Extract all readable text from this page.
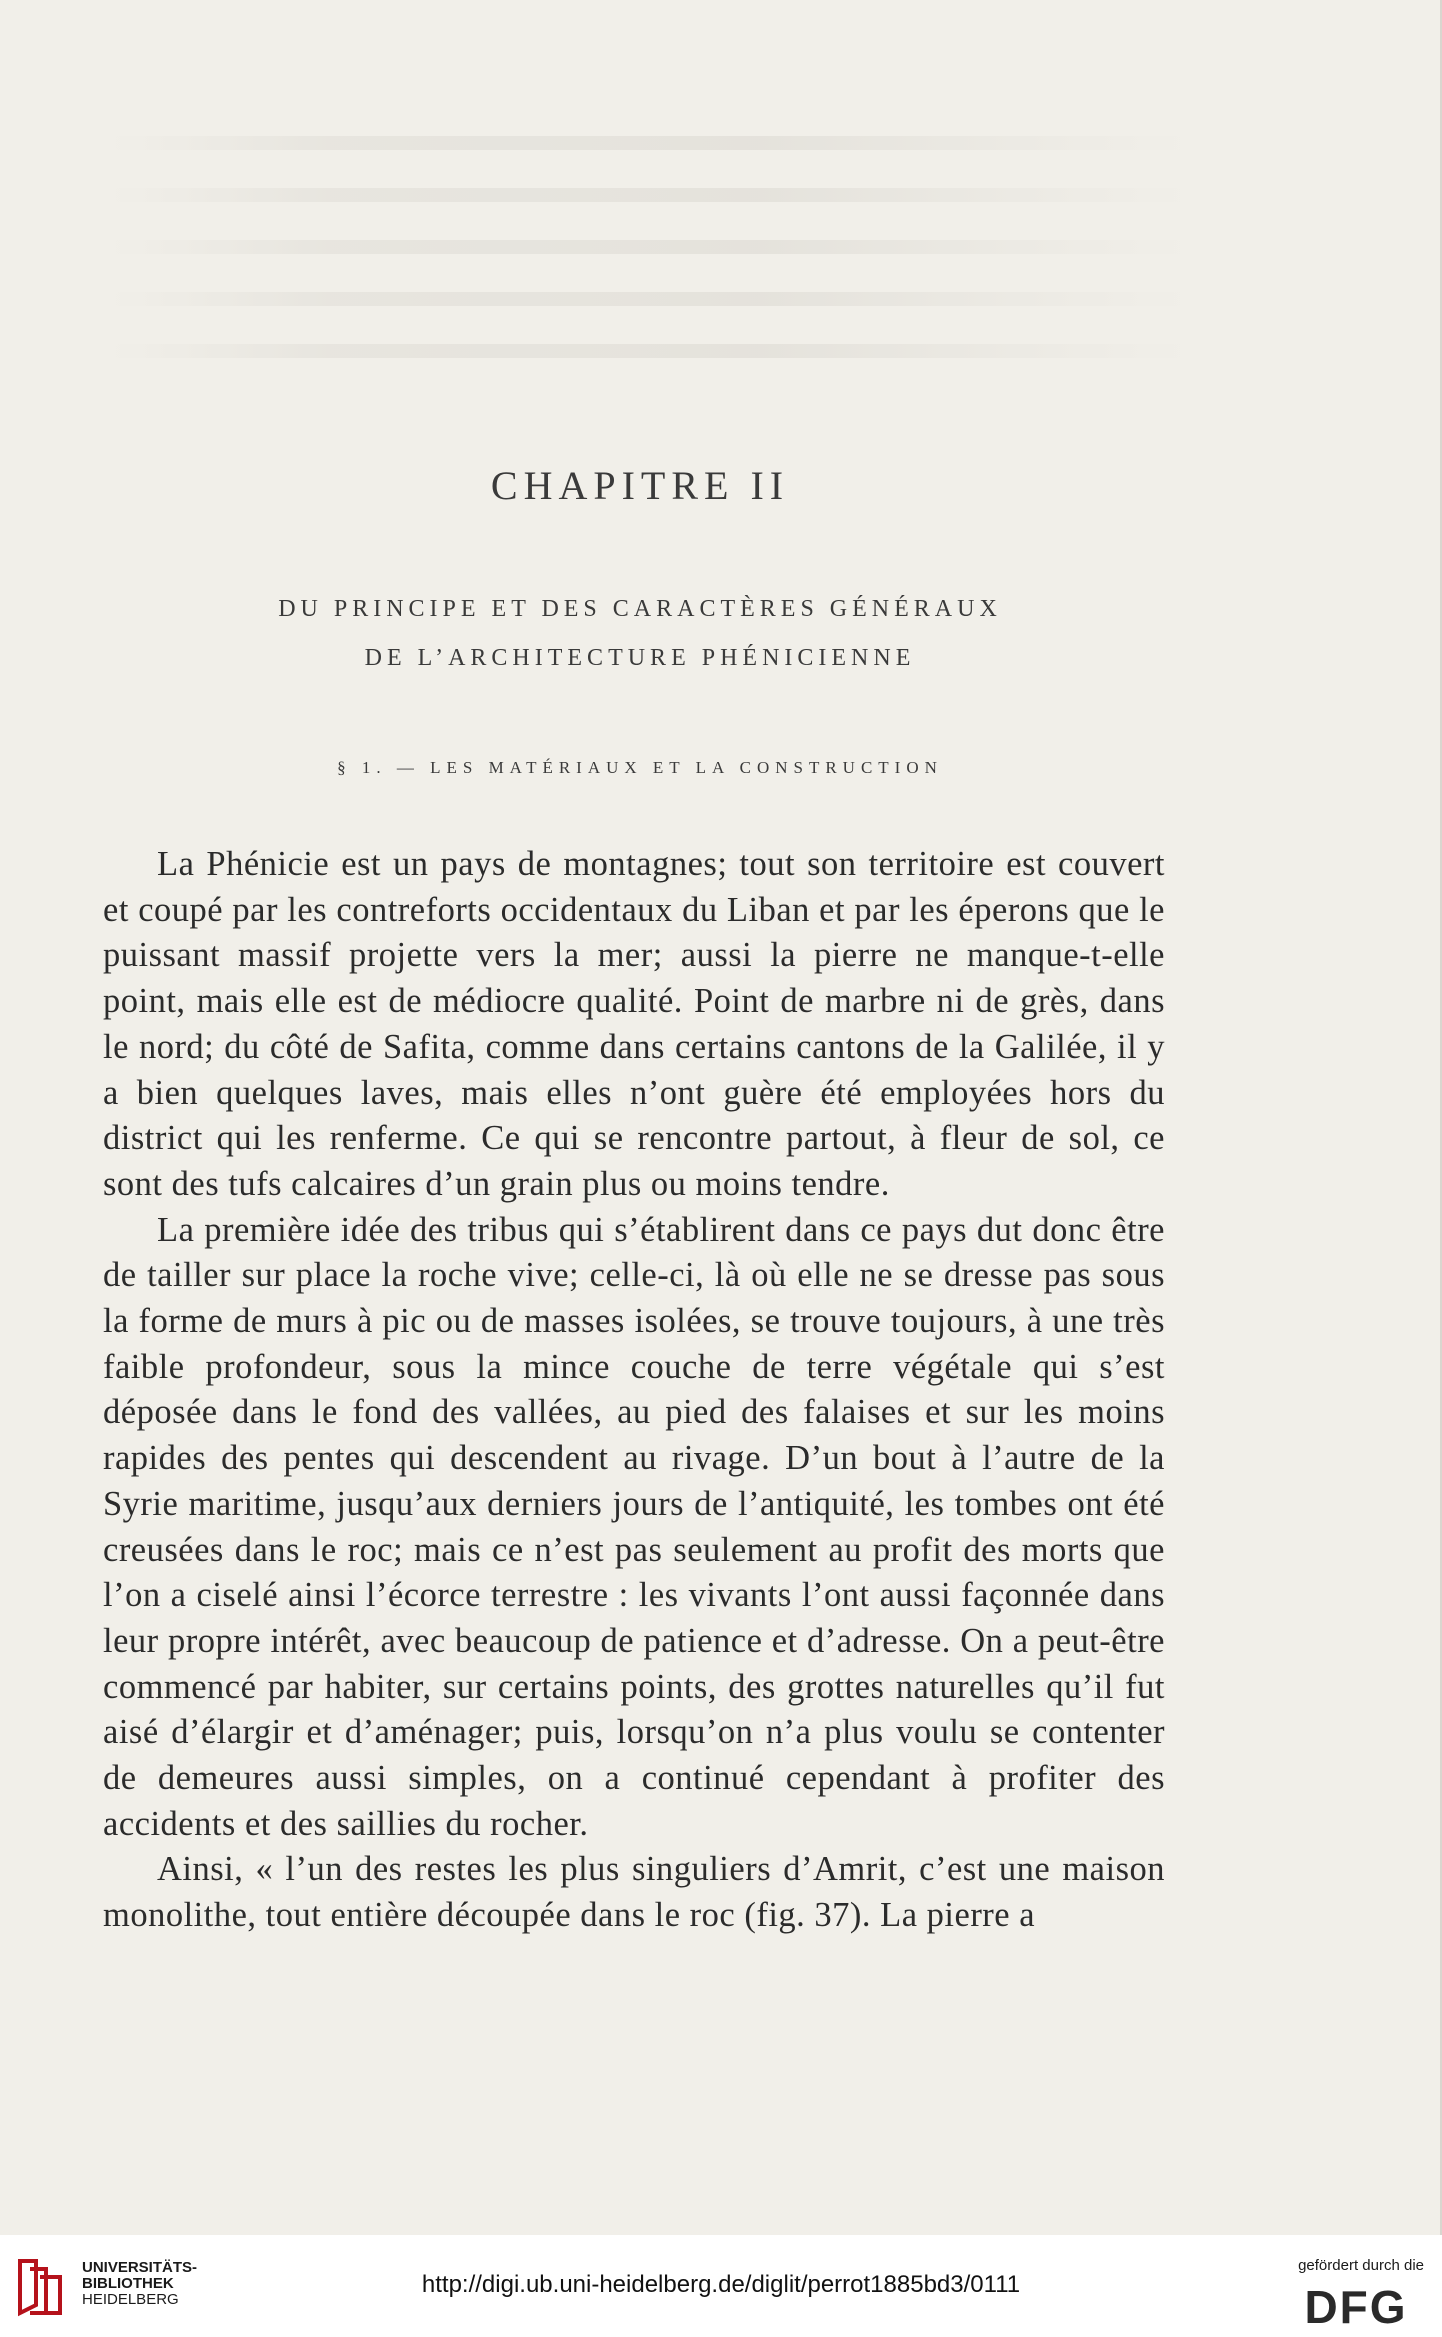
CHAPITRE II
DU PRINCIPE ET DES CARACTÈRES GÉNÉRAUX
DE L’ARCHITECTURE PHÉNICIENNE
§ 1. — LES MATÉRIAUX ET LA CONSTRUCTION

La Phénicie est un pays de montagnes; tout son territoire est couvert et coupé par les contreforts occidentaux du Liban et par les éperons que le puissant massif projette vers la mer; aussi la pierre ne manque-t-elle point, mais elle est de médiocre qualité. Point de marbre ni de grès, dans le nord; du côté de Safita, comme dans certains cantons de la Galilée, il y a bien quelques laves, mais elles n’ont guère été employées hors du district qui les renferme. Ce qui se rencontre partout, à fleur de sol, ce sont des tufs calcaires d’un grain plus ou moins tendre.

La première idée des tribus qui s’établirent dans ce pays dut donc être de tailler sur place la roche vive; celle-ci, là où elle ne se dresse pas sous la forme de murs à pic ou de masses isolées, se trouve toujours, à une très faible profondeur, sous la mince couche de terre végétale qui s’est déposée dans le fond des vallées, au pied des falaises et sur les moins rapides des pentes qui descendent au rivage. D’un bout à l’autre de la Syrie maritime, jusqu’aux derniers jours de l’antiquité, les tombes ont été creusées dans le roc; mais ce n’est pas seulement au profit des morts que l’on a ciselé ainsi l’écorce terrestre : les vivants l’ont aussi façonnée dans leur propre intérêt, avec beaucoup de patience et d’adresse. On a peut-être commencé par habiter, sur certains points, des grottes naturelles qu’il fut aisé d’élargir et d’aménager; puis, lorsqu’on n’a plus voulu se contenter de demeures aussi simples, on a continué cependant à profiter des accidents et des saillies du rocher.

Ainsi, « l’un des restes les plus singuliers d’Amrit, c’est une maison monolithe, tout entière découpée dans le roc (fig. 37). La pierre a

UNIVERSITÄTS-
BIBLIOTHEK
HEIDELBERG
http://digi.ub.uni-heidelberg.de/diglit/perrot1885bd3/0111
gefördert durch die
DFG
